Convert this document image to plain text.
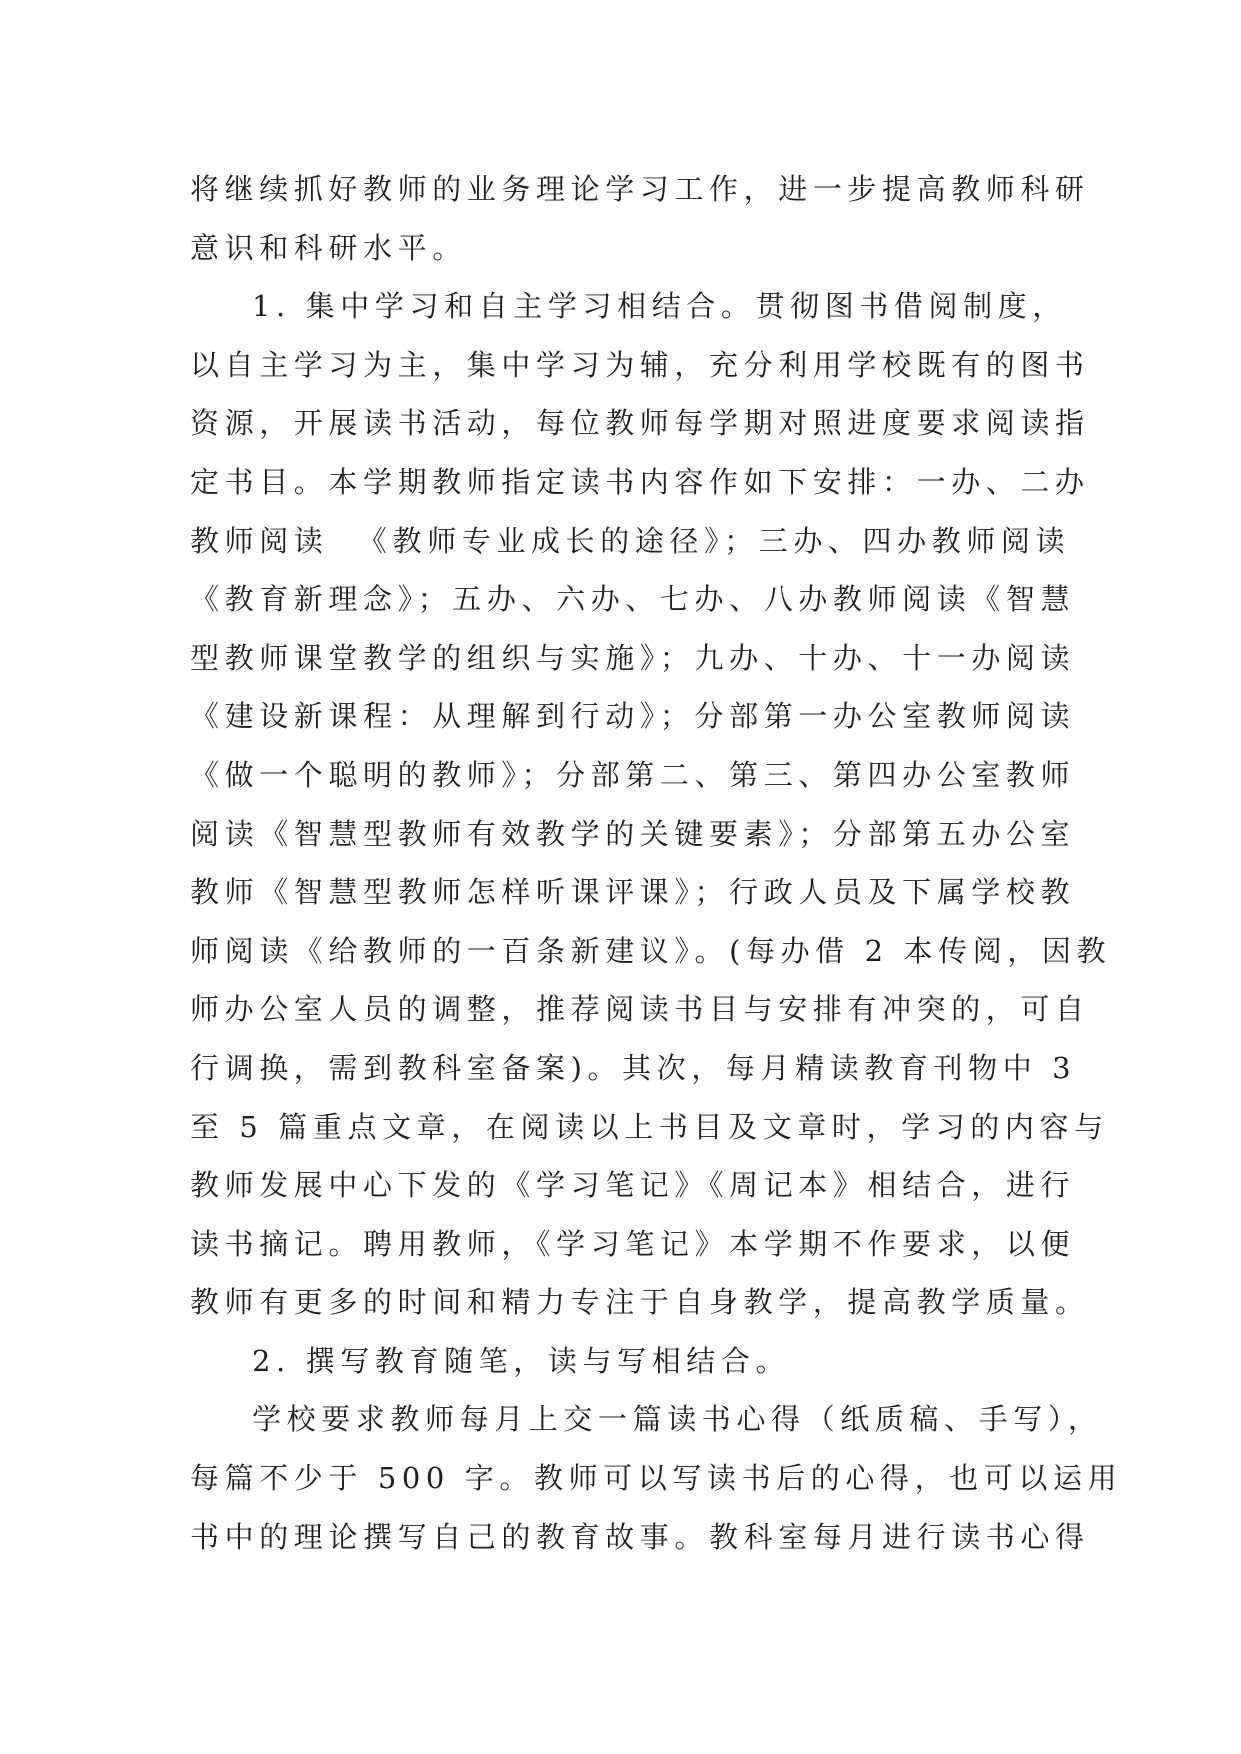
将继续抓好教师的业务理论学习工作，进一步提高教师科研
意识和科研水平。
1. 集中学习和自主学习相结合。贯彻图书借阅制度，
以自主学习为主，集中学习为辅，充分利用学校既有的图书
资源，开展读书活动，每位教师每学期对照进度要求阅读指
定书目。本学期教师指定读书内容作如下安排：一办、二办
教师阅读  《教师专业成长的途径》；三办、四办教师阅读
《教育新理念》；五办、六办、七办、八办教师阅读《智慧
型教师课堂教学的组织与实施》；九办、十办、十一办阅读
《建设新课程：从理解到行动》；分部第一办公室教师阅读
《做一个聪明的教师》；分部第二、第三、第四办公室教师
阅读《智慧型教师有效教学的关键要素》；分部第五办公室
教师《智慧型教师怎样听课评课》；行政人员及下属学校教
师阅读《给教师的一百条新建议》。(每办借 2 本传阅，因教
师办公室人员的调整，推荐阅读书目与安排有冲突的，可自
行调换，需到教科室备案)。其次，每月精读教育刊物中 3
至 5 篇重点文章，在阅读以上书目及文章时，学习的内容与
教师发展中心下发的《学习笔记》《周记本》相结合，进行
读书摘记。聘用教师，《学习笔记》本学期不作要求，以便
教师有更多的时间和精力专注于自身教学，提高教学质量。
2. 撰写教育随笔，读与写相结合。
学校要求教师每月上交一篇读书心得（纸质稿、手写），
每篇不少于 500 字。教师可以写读书后的心得，也可以运用
书中的理论撰写自己的教育故事。教科室每月进行读书心得
